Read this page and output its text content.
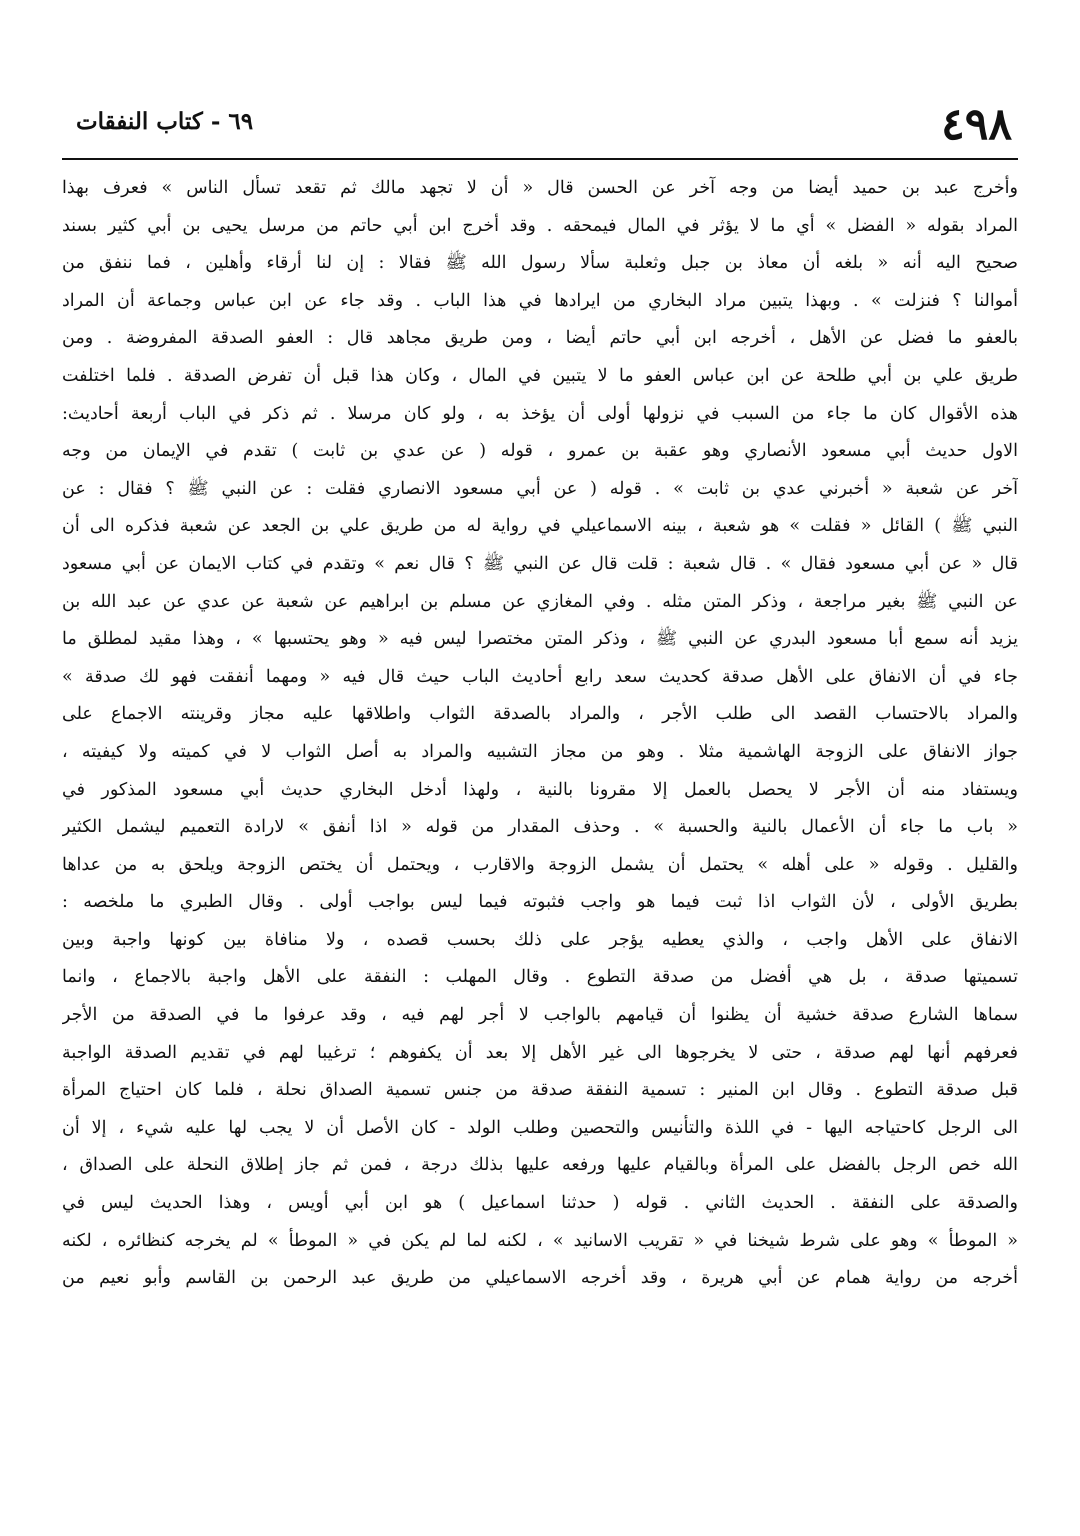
٤٩٨
٦٩ - كتاب النفقات
وأخرج عبد بن حميد أيضا من وجه آخر عن الحسن قال « أن لا تجهد مالك ثم تقعد تسأل الناس » فعرف بهذا
المراد بقوله « الفضل » أي ما لا يؤثر في المال فيمحقه . وقد أخرج ابن أبي حاتم من مرسل يحيى بن أبي كثير بسند
صحيح اليه أنه « بلغه أن معاذ بن جبل وثعلبة سألا رسول الله ﷺ فقالا : إن لنا أرقاء وأهلين ، فما ننفق من
أموالنا ؟ فنزلت » . وبهذا يتبين مراد البخاري من ايرادها في هذا الباب . وقد جاء عن ابن عباس وجماعة أن المراد
بالعفو ما فضل عن الأهل ، أخرجه ابن أبي حاتم أيضا ، ومن طريق مجاهد قال : العفو الصدقة المفروضة . ومن
طريق علي بن أبي طلحة عن ابن عباس العفو ما لا يتبين في المال ، وكان هذا قبل أن تفرض الصدقة . فلما اختلفت
هذه الأقوال كان ما جاء من السبب في نزولها أولى أن يؤخذ به ، ولو كان مرسلا . ثم ذكر في الباب أربعة أحاديث:
الاول حديث أبي مسعود الأنصاري وهو عقبة بن عمرو ، قوله ( عن عدي بن ثابت ) تقدم في الإيمان من وجه
آخر عن شعبة « أخبرني عدي بن ثابت » . قوله ( عن أبي مسعود الانصاري فقلت : عن النبي ﷺ ؟ فقال : عن
النبي ﷺ ) القائل « فقلت » هو شعبة ، بينه الاسماعيلي في رواية له من طريق علي بن الجعد عن شعبة فذكره الى أن
قال « عن أبي مسعود فقال » . قال شعبة : قلت قال عن النبي ﷺ ؟ قال نعم » وتقدم في كتاب الايمان عن أبي مسعود
عن النبي ﷺ بغير مراجعة ، وذكر المتن مثله . وفي المغازي عن مسلم بن ابراهيم عن شعبة عن عدي عن عبد الله بن
يزيد أنه سمع أبا مسعود البدري عن النبي ﷺ ، وذكر المتن مختصرا ليس فيه « وهو يحتسبها » ، وهذا مقيد لمطلق ما
جاء في أن الانفاق على الأهل صدقة كحديث سعد رابع أحاديث الباب حيث قال فيه « ومهما أنفقت فهو لك صدقة »
والمراد بالاحتساب القصد الى طلب الأجر ، والمراد بالصدقة الثواب واطلاقها عليه مجاز وقرينته الاجماع على
جواز الانفاق على الزوجة الهاشمية مثلا . وهو من مجاز التشبيه والمراد به أصل الثواب لا في كميته ولا كيفيته ،
ويستفاد منه أن الأجر لا يحصل بالعمل إلا مقرونا بالنية ، ولهذا أدخل البخاري حديث أبي مسعود المذكور في
« باب ما جاء أن الأعمال بالنية والحسبة » . وحذف المقدار من قوله « اذا أنفق » لارادة التعميم ليشمل الكثير
والقليل . وقوله « على أهله » يحتمل أن يشمل الزوجة والاقارب ، ويحتمل أن يختص الزوجة ويلحق به من عداها
بطريق الأولى ، لأن الثواب اذا ثبت فيما هو واجب فثبوته فيما ليس بواجب أولى . وقال الطبري ما ملخصه :
الانفاق على الأهل واجب ، والذي يعطيه يؤجر على ذلك بحسب قصده ، ولا منافاة بين كونها واجبة وبين
تسميتها صدقة ، بل هي أفضل من صدقة التطوع . وقال المهلب : النفقة على الأهل واجبة بالاجماع ، وانما
سماها الشارع صدقة خشية أن يظنوا أن قيامهم بالواجب لا أجر لهم فيه ، وقد عرفوا ما في الصدقة من الأجر
فعرفهم أنها لهم صدقة ، حتى لا يخرجوها الى غير الأهل إلا بعد أن يكفوهم ؛ ترغيبا لهم في تقديم الصدقة الواجبة
قبل صدقة التطوع . وقال ابن المنير : تسمية النفقة صدقة من جنس تسمية الصداق نحلة ، فلما كان احتياج المرأة
الى الرجل كاحتياجه اليها - في اللذة والتأنيس والتحصين وطلب الولد - كان الأصل أن لا يجب لها عليه شيء ، إلا أن
الله خص الرجل بالفضل على المرأة وبالقيام عليها ورفعه عليها بذلك درجة ، فمن ثم جاز إطلاق النحلة على الصداق ،
والصدقة على النفقة . الحديث الثاني . قوله ( حدثنا اسماعيل ) هو ابن أبي أويس ، وهذا الحديث ليس في
« الموطأ » وهو على شرط شيخنا في « تقريب الاسانيد » ، لكنه لما لم يكن في « الموطأ » لم يخرجه كنظائره ، لكنه
أخرجه من رواية همام عن أبي هريرة ، وقد أخرجه الاسماعيلي من طريق عبد الرحمن بن القاسم وأبو نعيم من
